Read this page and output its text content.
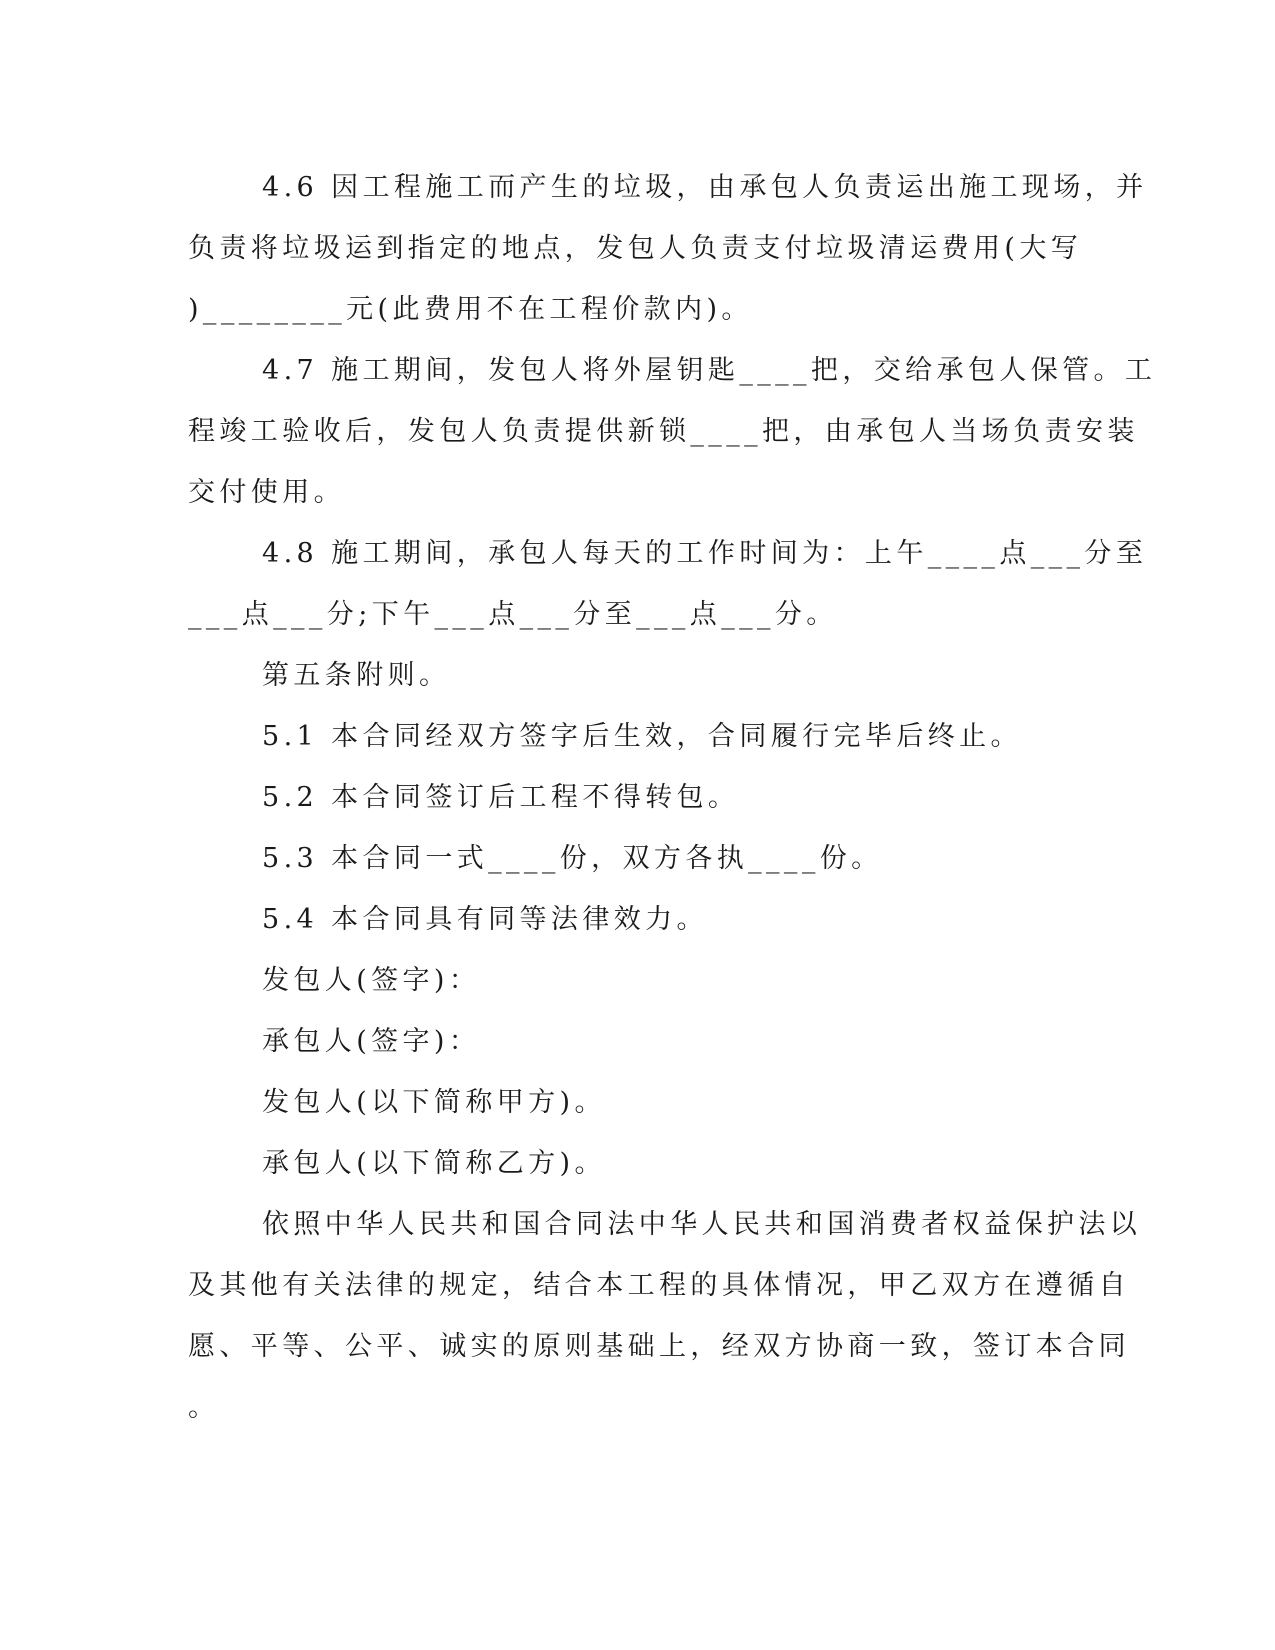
4.6 因工程施工而产生的垃圾，由承包人负责运出施工现场，并
负责将垃圾运到指定的地点，发包人负责支付垃圾清运费用(大写
)________元(此费用不在工程价款内)。
4.7 施工期间，发包人将外屋钥匙____把，交给承包人保管。工
程竣工验收后，发包人负责提供新锁____把，由承包人当场负责安装
交付使用。
4.8 施工期间，承包人每天的工作时间为：上午____点___分至
___点___分;下午___点___分至___点___分。
第五条附则。
5.1 本合同经双方签字后生效，合同履行完毕后终止。
5.2 本合同签订后工程不得转包。
5.3 本合同一式____份，双方各执____份。
5.4 本合同具有同等法律效力。
发包人(签字)：
承包人(签字)：
发包人(以下简称甲方)。
承包人(以下简称乙方)。
依照中华人民共和国合同法中华人民共和国消费者权益保护法以
及其他有关法律的规定，结合本工程的具体情况，甲乙双方在遵循自
愿、平等、公平、诚实的原则基础上，经双方协商一致，签订本合同
。
